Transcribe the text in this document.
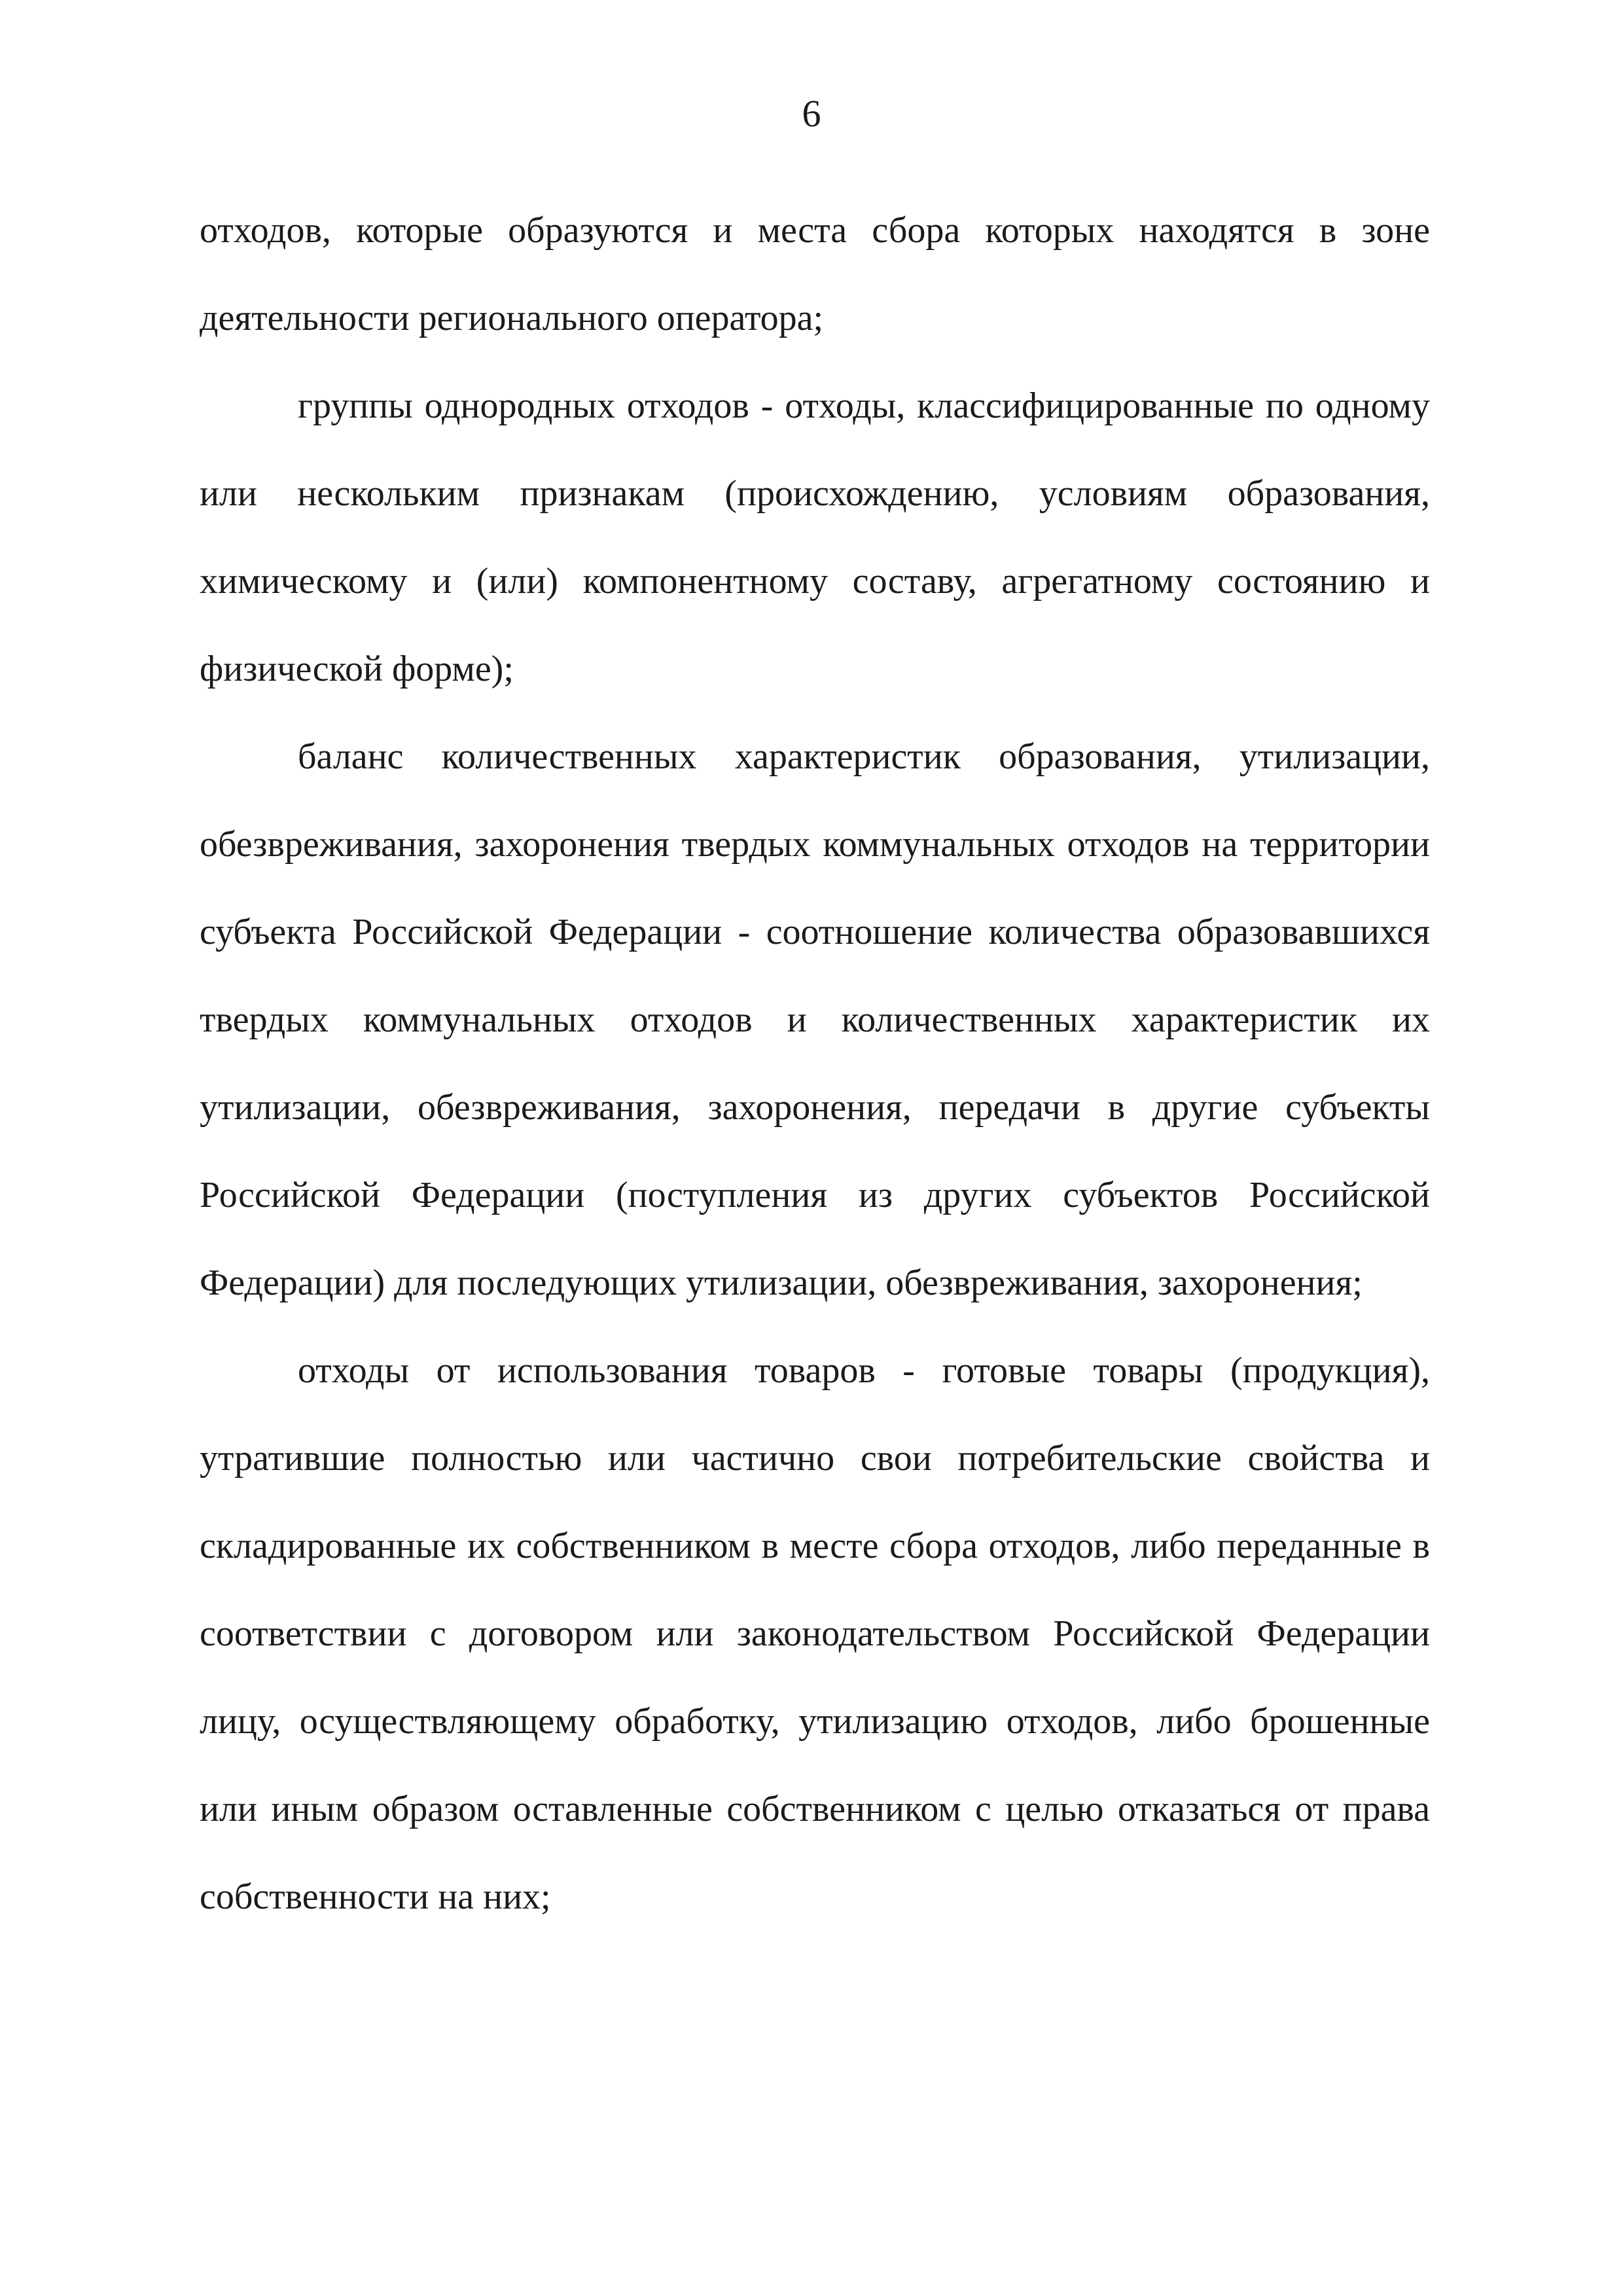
6

отходов, которые образуются и места сбора которых находятся в зоне деятельности регионального оператора;

группы однородных отходов - отходы, классифицированные по одному или нескольким признакам (происхождению, условиям образования, химическому и (или) компонентному составу, агрегатному состоянию и физической форме);

баланс количественных характеристик образования, утилизации, обезвреживания, захоронения твердых коммунальных отходов на территории субъекта Российской Федерации - соотношение количества образовавшихся твердых коммунальных отходов и количественных характеристик их утилизации, обезвреживания, захоронения, передачи в другие субъекты Российской Федерации (поступления из других субъектов Российской Федерации) для последующих утилизации, обезвреживания, захоронения;

отходы от использования товаров - готовые товары (продукция), утратившие полностью или частично свои потребительские свойства и складированные их собственником в месте сбора отходов, либо переданные в соответствии с договором или законодательством Российской Федерации лицу, осуществляющему обработку, утилизацию отходов, либо брошенные или иным образом оставленные собственником с целью отказаться от права собственности на них;
